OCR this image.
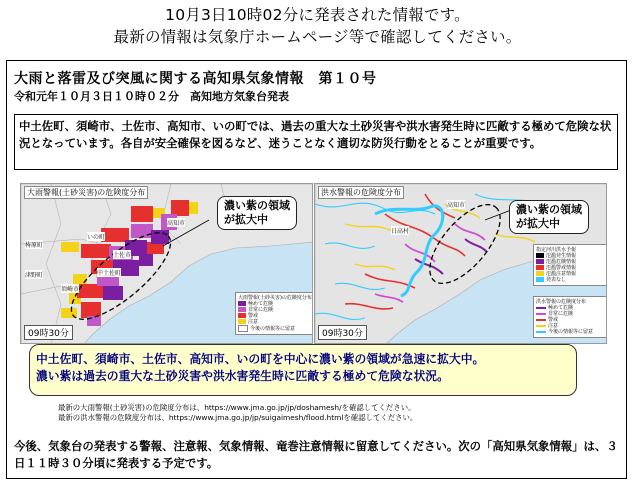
10月3日10時02分に発表された情報です。
最新の情報は気象庁ホームページ等で確認してください。
大雨と落雷及び突風に関する高知県気象情報　第１０号
令和元年１０月３日１０時０２分　高知地方気象台発表
中土佐町、須崎市、土佐市、高知市、いの町では、過去の重大な土砂災害や洪水害発生時に匹敵する極めて危険な状況となっています。各自が安全確保を図るなど、迷うことなく適切な防災行動をとることが重要です。
大雨警報(土砂災害)の危険度分布
濃い紫の領域
が拡大中
高知市
いの町
土佐市
須崎市
中土佐町
津野町
梼原町
大雨警報(土砂災害)の危険度分布
極めて危険
非常に危険
警戒
注意
今後の情報等に留意
09時30分
洪水警報の危険度分布
濃い紫の領域
が拡大中
高知市
日高村
指定河川洪水予報
氾濫発生情報
氾濫危険情報
氾濫警戒情報
氾濫注意情報
発表なし
洪水警報の危険度分布
極めて危険
非常に危険
警戒
注意
今後の情報等に留意
09時30分
中土佐町、須崎市、土佐市、高知市、いの町を中心に濃い紫の領域が急速に拡大中。
濃い紫は過去の重大な土砂災害や洪水害発生時に匹敵する極めて危険な状況。
最新の大雨警報(土砂災害)の危険度分布は、https://www.jma.go.jp/jp/doshamesh/を確認してください。
最新の洪水警報の危険度分布は、https://www.jma.go.jp/jp/suigaimesh/flood.htmlを確認してください。
今後、気象台の発表する警報、注意報、気象情報、竜巻注意情報に留意してください。次の「高知県気象情報」は、３日１１時３０分頃に発表する予定です。
